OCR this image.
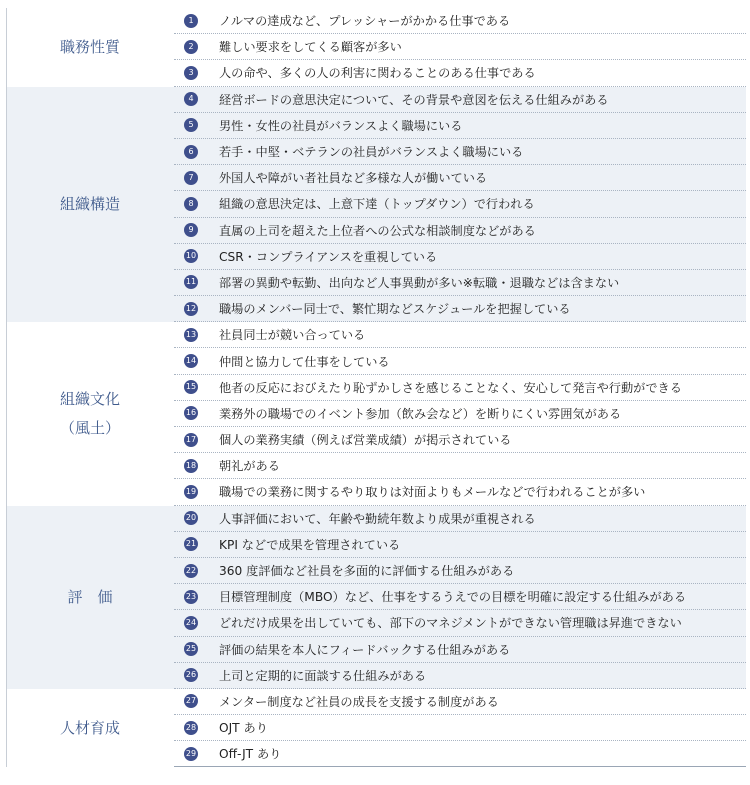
職務性質
1	ノルマの達成など、プレッシャーがかかる仕事である
2	難しい要求をしてくる顧客が多い
3	人の命や、多くの人の利害に関わることのある仕事である
組織構造
4	経営ボードの意思決定について、その背景や意図を伝える仕組みがある
5	男性・女性の社員がバランスよく職場にいる
6	若手・中堅・ベテランの社員がバランスよく職場にいる
7	外国人や障がい者社員など多様な人が働いている
8	組織の意思決定は、上意下達（トップダウン）で行われる
9	直属の上司を超えた上位者への公式な相談制度などがある
10 CSR・コンプライアンスを重視している
11 部署の異動や転勤、出向など人事異動が多い※転職・退職などは含まない
12 職場のメンバー同士で、繁忙期などスケジュールを把握している
組織文化
（風土）
13 社員同士が競い合っている
14 仲間と協力して仕事をしている
15 他者の反応におびえたり恥ずかしさを感じることなく、安心して発言や行動ができる
16 業務外の職場でのイベント参加（飲み会など）を断りにくい雰囲気がある
17 個人の業務実績（例えば営業成績）が掲示されている
18 朝礼がある
19 職場での業務に関するやり取りは対面よりもメールなどで行われることが多い
評　価
20 人事評価において、年齢や勤続年数より成果が重視される
21 KPI などで成果を管理されている
22 360 度評価など社員を多面的に評価する仕組みがある
23 目標管理制度（MBO）など、仕事をするうえでの目標を明確に設定する仕組みがある
24 どれだけ成果を出していても、部下のマネジメントができない管理職は昇進できない
25 評価の結果を本人にフィードバックする仕組みがある
26 上司と定期的に面談する仕組みがある
人材育成
27 メンター制度など社員の成長を支援する制度がある
28 OJT あり
29 Off-JT あり
